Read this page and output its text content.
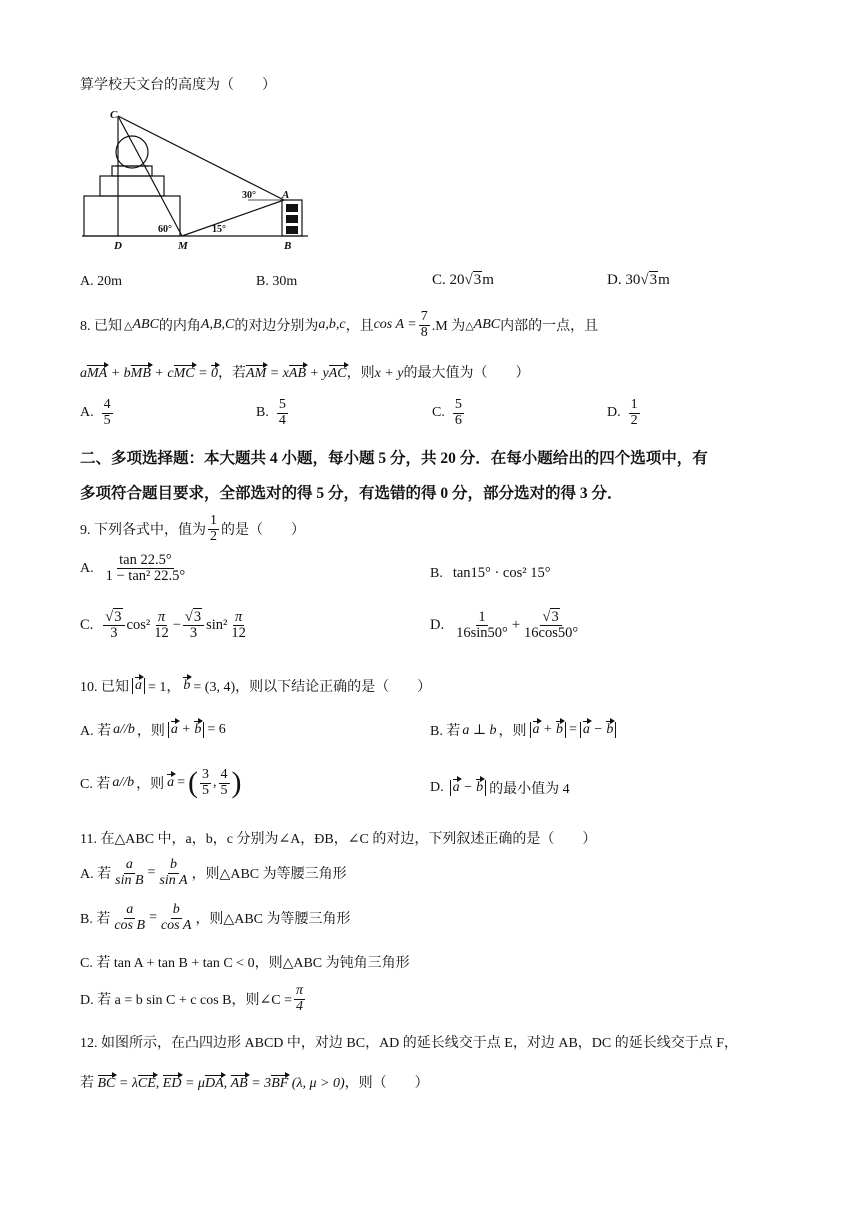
算学校天文台的高度为（　　）
C
A
D	M	B
30°
60°	15°
A. 20m	B. 30m	C. 20√3m	D. 30√3m
8. 已知 △ ABC 的内角 A,B,C 的对边分别为 a,b,c ，且 $\cos A = \frac{7}{8} .M$ 为 △ ABC 内部的一点，且
aMA + bMB + cMC = 0，若AM = xAB + yAC，则x + y的最大值为（　　）
A. $\frac{4}{5}$	B. $\frac{5}{4}$	C. $\frac{5}{6}$	D. $\frac{1}{2}$
二、多项选择题：本大题共 4 小题，每小题 5 分，共 20 分．在每小题给出的四个选项中，有
多项符合题目要求，全部选对的得 5 分，有选错的得 0 分，部分选对的得 3 分．
9. 下列各式中，值为 $\frac{1}{2}$ 的是（　　）
A. $\frac{\tan 22.5^\circ}{\text{1 − tan² 22.5°}}$	B. tan15° · cos² 15°
C. $\frac{√3}{3} \cos^2 \frac{\pi}{12} - \frac{√3}{3} \sin^2 \frac{\pi}{12}$	D. $\frac{1}{16\sin 50^\circ} + \frac{√3}{16\cos 50^\circ}$
10. 已知 a = 1， b = (3, 4)，则以下结论正确的是（　　）
A. 若 a//b ，则 a + b = 6	B. 若 a ⊥ b ，则 a + b = a − b
C. 若 a//b ，则 a = ( $\frac{3}{5}$ , $\frac{4}{5}$ )	D. a − b 的最小值为 4
11. 在△ABC 中，a，b，c 分别为∠A，ÐB，∠C 的对边，下列叙述正确的是（　　）
A. 若 $\frac{a}{\text{sin B}} = \frac{b}{\text{sin A}}$ ，则△ABC 为等腰三角形
B. 若 $\frac{a}{\text{cos B}} = \frac{b}{\text{cos A}}$ ，则△ABC 为等腰三角形
C. 若 tan A + tan B + tan C < 0，则△ABC 为钝角三角形
D. 若 a = b sin C + c cos B，则∠C = $\frac{\pi}{4}$
12. 如图所示，在凸四边形 ABCD 中，对边 BC，AD 的延长线交于点 E，对边 AB，DC 的延长线交于点 F，
若 BC = λCE, ED = μDA, AB = 3BF (λ, μ > 0)，则（　　）
